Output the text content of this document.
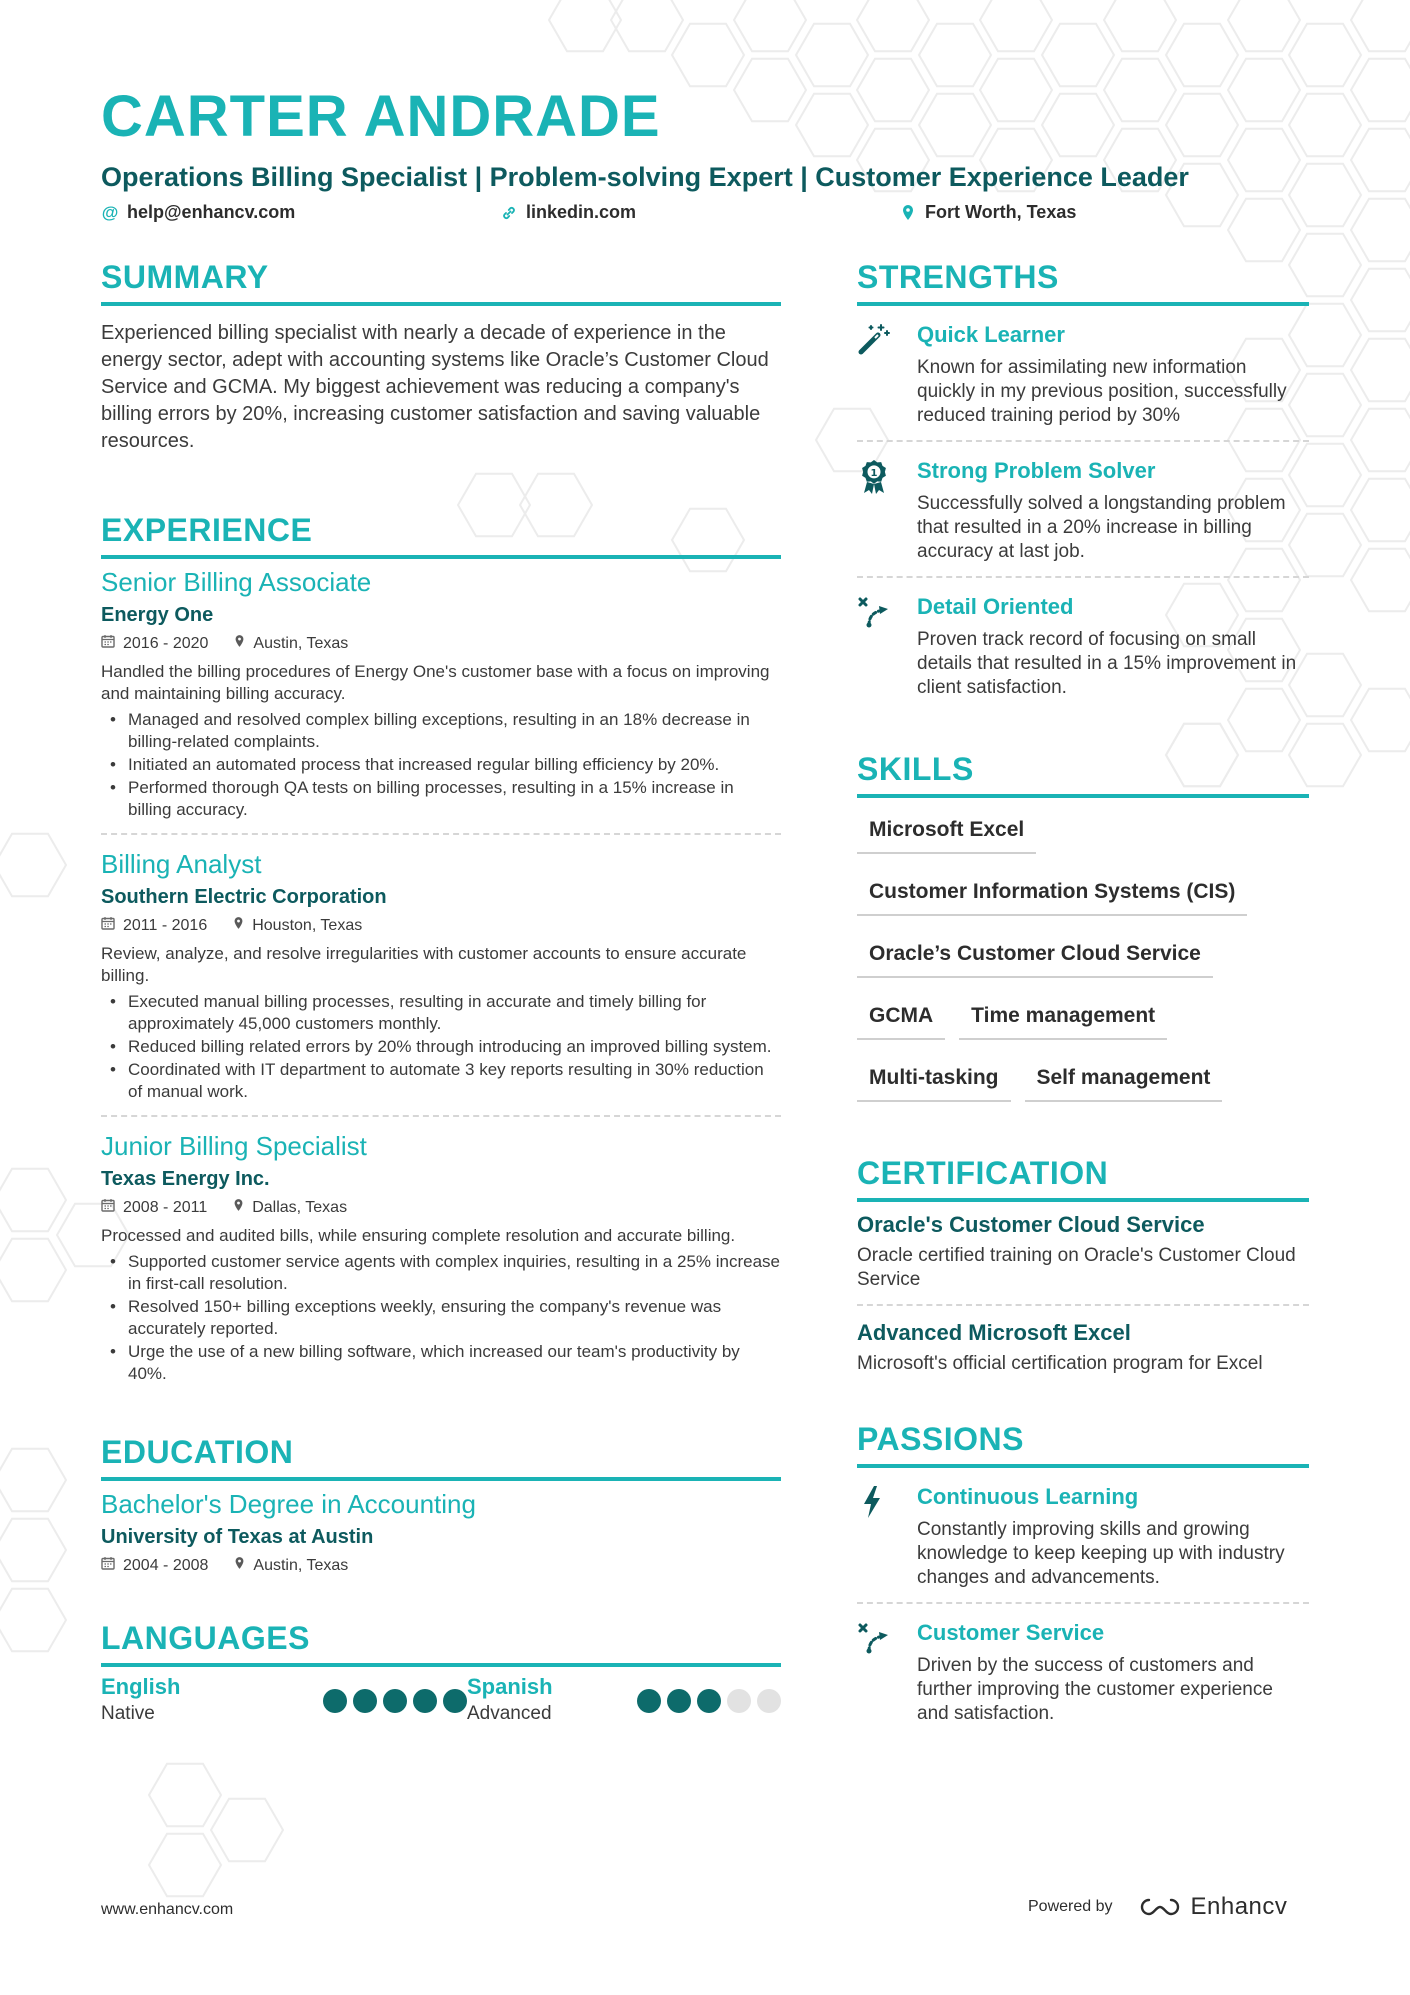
CARTER ANDRADE
Operations Billing Specialist | Problem-solving Expert | Customer Experience Leader
@ help@enhancv.com	linkedin.com	Fort Worth, Texas
SUMMARY
Experienced billing specialist with nearly a decade of experience in the energy sector, adept with accounting systems like Oracle’s Customer Cloud Service and GCMA. My biggest achievement was reducing a company's billing errors by 20%, increasing customer satisfaction and saving valuable resources.
EXPERIENCE
Senior Billing Associate
Energy One
2016 - 2020	Austin, Texas
Handled the billing procedures of Energy One's customer base with a focus on improving and maintaining billing accuracy.
• Managed and resolved complex billing exceptions, resulting in an 18% decrease in billing-related complaints.
• Initiated an automated process that increased regular billing efficiency by 20%.
• Performed thorough QA tests on billing processes, resulting in a 15% increase in billing accuracy.
Billing Analyst
Southern Electric Corporation
2011 - 2016	Houston, Texas
Review, analyze, and resolve irregularities with customer accounts to ensure accurate billing.
• Executed manual billing processes, resulting in accurate and timely billing for approximately 45,000 customers monthly.
• Reduced billing related errors by 20% through introducing an improved billing system.
• Coordinated with IT department to automate 3 key reports resulting in 30% reduction of manual work.
Junior Billing Specialist
Texas Energy Inc.
2008 - 2011	Dallas, Texas
Processed and audited bills, while ensuring complete resolution and accurate billing.
• Supported customer service agents with complex inquiries, resulting in a 25% increase in first-call resolution.
• Resolved 150+ billing exceptions weekly, ensuring the company's revenue was accurately reported.
• Urge the use of a new billing software, which increased our team's productivity by 40%.
EDUCATION
Bachelor's Degree in Accounting
University of Texas at Austin
2004 - 2008	Austin, Texas
LANGUAGES
English
Native
Spanish
Advanced
STRENGTHS
Quick Learner
Known for assimilating new information quickly in my previous position, successfully reduced training period by 30%
1 Strong Problem Solver
Successfully solved a longstanding problem that resulted in a 20% increase in billing accuracy at last job.
Detail Oriented
Proven track record of focusing on small details that resulted in a 15% improvement in client satisfaction.
SKILLS
Microsoft Excel
Customer Information Systems (CIS)
Oracle’s Customer Cloud Service
GCMA	Time management
Multi-tasking	Self management
CERTIFICATION
Oracle's Customer Cloud Service
Oracle certified training on Oracle's Customer Cloud Service
Advanced Microsoft Excel
Microsoft's official certification program for Excel
PASSIONS
Continuous Learning
Constantly improving skills and growing knowledge to keep keeping up with industry changes and advancements.
Customer Service
Driven by the success of customers and further improving the customer experience and satisfaction.
www.enhancv.com	Powered by	Enhancv
